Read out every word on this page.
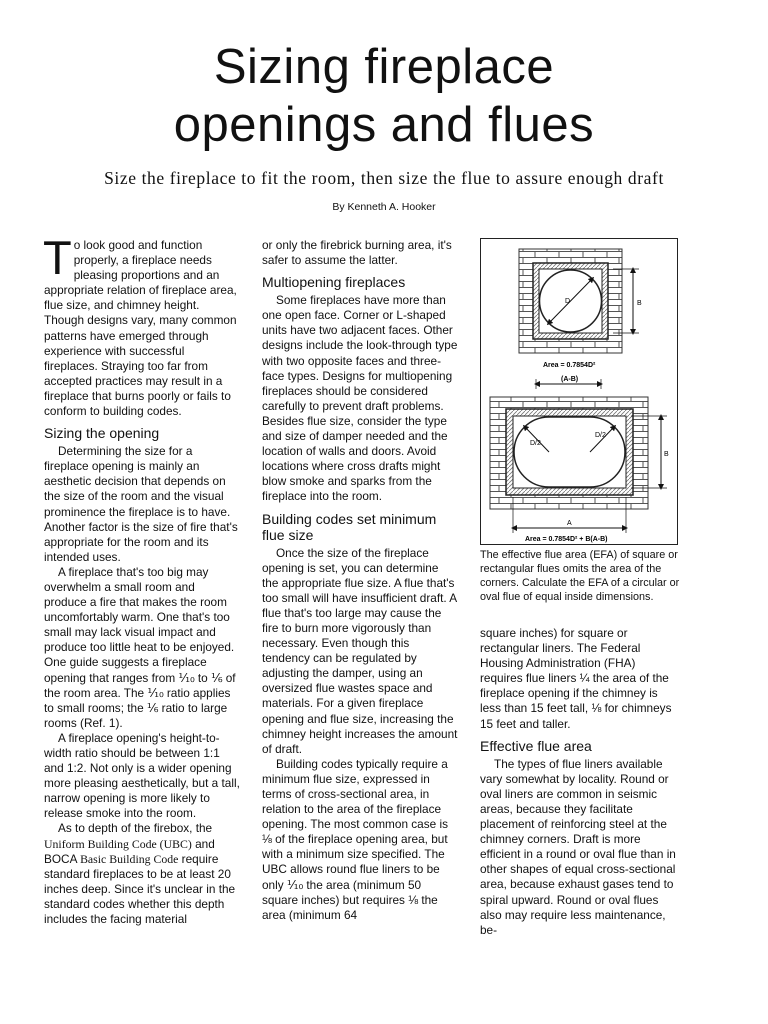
Sizing fireplace
openings and flues
Size the fireplace to fit the room, then size the flue to assure enough draft
By Kenneth A. Hooker

To look good and function properly, a fireplace needs pleasing proportions and an appropriate relation of fireplace area, flue size, and chimney height. Though designs vary, many common patterns have emerged through experience with successful fireplaces. Straying too far from accepted practices may result in a fireplace that burns poorly or fails to conform to building codes.

Sizing the opening

Determining the size for a fireplace opening is mainly an aesthetic decision that depends on the size of the room and the visual prominence the fireplace is to have. Another factor is the size of fire that's appropriate for the room and its intended uses.

A fireplace that's too big may overwhelm a small room and produce a fire that makes the room uncomfortably warm. One that's too small may lack visual impact and produce too little heat to be enjoyed. One guide suggests a fireplace opening that ranges from ⅒ to ⅙ of the room area. The ⅒ ratio applies to small rooms; the ⅙ ratio to large rooms (Ref. 1).

A fireplace opening's height-to-width ratio should be between 1:1 and 1:2. Not only is a wider opening more pleasing aesthetically, but a tall, narrow opening is more likely to release smoke into the room.

As to depth of the firebox, the Uniform Building Code (UBC) and BOCA Basic Building Code require standard fireplaces to be at least 20 inches deep. Since it's unclear in the standard codes whether this depth includes the facing material

or only the firebrick burning area, it's safer to assume the latter.

Multiopening fireplaces

Some fireplaces have more than one open face. Corner or L-shaped units have two adjacent faces. Other designs include the look-through type with two opposite faces and three-face types. Designs for multiopening fireplaces should be considered carefully to prevent draft problems. Besides flue size, consider the type and size of damper needed and the location of walls and doors. Avoid locations where cross drafts might blow smoke and sparks from the fireplace into the room.

Building codes set minimum flue size

Once the size of the fireplace opening is set, you can determine the appropriate flue size. A flue that's too small will have insufficient draft. A flue that's too large may cause the fire to burn more vigorously than necessary. Even though this tendency can be regulated by adjusting the damper, using an oversized flue wastes space and materials. For a given fireplace opening and flue size, increasing the chimney height increases the amount of draft.

Building codes typically require a minimum flue size, expressed in terms of cross-sectional area, in relation to the area of the fireplace opening. The most common case is ⅛ of the fireplace opening area, but with a minimum size specified. The UBC allows round flue liners to be only ⅒ the area (minimum 50 square inches) but requires ⅛ the area (minimum 64

D	B
Area = 0.7854D²
(A-B)
D/2
D/2
B
A
Area = 0.7854D² + B(A-B)
The effective flue area (EFA) of square or rectangular flues omits the area of the corners. Calculate the EFA of a circular or oval flue of equal inside dimensions.

square inches) for square or rectangular liners. The Federal Housing Administration (FHA) requires flue liners ¼ the area of the fireplace opening if the chimney is less than 15 feet tall, ⅛ for chimneys 15 feet and taller.

Effective flue area

The types of flue liners available vary somewhat by locality. Round or oval liners are common in seismic areas, because they facilitate placement of reinforcing steel at the chimney corners. Draft is more efficient in a round or oval flue than in other shapes of equal cross-sectional area, because exhaust gases tend to spiral upward. Round or oval flues also may require less maintenance, be-
